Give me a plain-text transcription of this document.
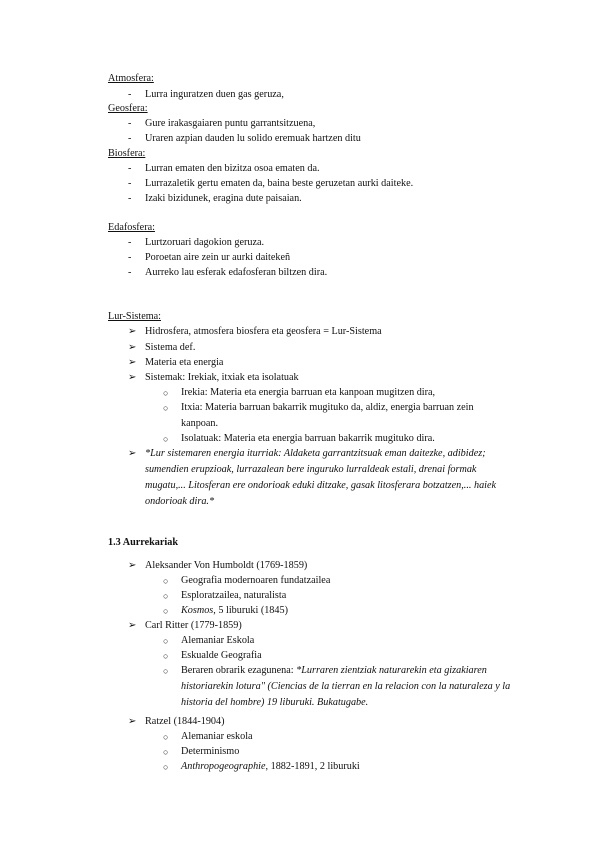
Atmosfera:
- Lurra inguratzen duen gas geruza,
Geosfera:
- Gure irakasgaiaren puntu garrantsitzuena,
- Uraren azpian dauden lu solido eremuak hartzen ditu
Biosfera:
- Lurran ematen den bizitza osoa ematen da.
- Lurrazaletik gertu ematen da, baina beste geruzetan aurki daiteke.
- Izaki bizidunek, eragina dute paisaian.
Edafosfera:
- Lurtzoruari dagokion geruza.
- Poroetan aire zein ur aurki daitekeñ
- Aurreko lau esferak edafosferan biltzen dira.
Lur-Sistema:
➢ Hidrosfera, atmosfera biosfera eta geosfera = Lur-Sistema
➢ Sistema def.
➢ Materia eta energia
➢ Sistemak: Irekiak, itxiak eta isolatuak
○ Irekia: Materia eta energia barruan eta kanpoan mugitzen dira,
○ Itxia: Materia barruan bakarrik mugituko da, aldiz, energia barruan zein kanpoan.
○ Isolatuak: Materia eta energia barruan bakarrik mugituko dira.
➢ *Lur sistemaren energia iturriak: Aldaketa garrantzitsuak eman daitezke, adibidez; sumendien erupzioak, lurrazalean bere inguruko lurraldeak estali, drenai formak mugatu,... Litosferan ere ondorioak eduki ditzake, gasak litosferara botzatzen,... haiek ondorioak dira.*
1.3 Aurrekariak
➢ Aleksander Von Humboldt (1769-1859)
○ Geografia modernoaren fundatzailea
○ Esploratzailea, naturalista
○ Kosmos, 5 liburuki (1845)
➢ Carl Ritter (1779-1859)
○ Alemaniar Eskola
○ Eskualde Geografia
○ Beraren obrarik ezagunena: *Lurraren zientziak naturarekin eta gizakiaren historiarekin lotura" (Ciencias de la tierran en la relacion con la naturaleza y la historia del hombre) 19 liburuki. Bukatugabe.
➢ Ratzel (1844-1904)
○ Alemaniar eskola
○ Determinismo
○ Anthropogeographie, 1882-1891, 2 liburuki
